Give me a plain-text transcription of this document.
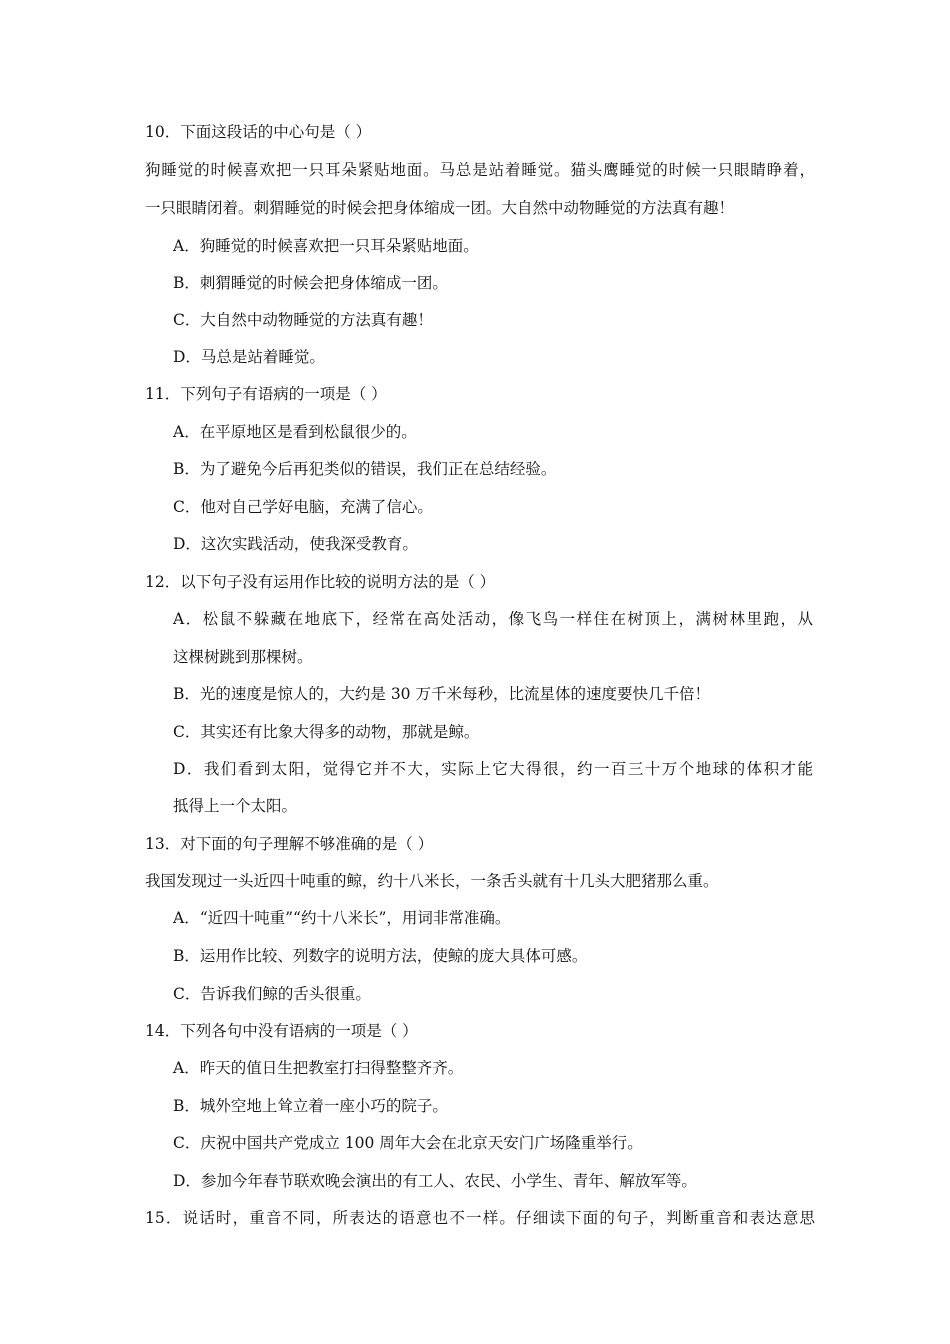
10．下面这段话的中心句是（ ）
狗睡觉的时候喜欢把一只耳朵紧贴地面。马总是站着睡觉。猫头鹰睡觉的时候一只眼睛睁着，
一只眼睛闭着。刺猬睡觉的时候会把身体缩成一团。大自然中动物睡觉的方法真有趣！
A．狗睡觉的时候喜欢把一只耳朵紧贴地面。
B．刺猬睡觉的时候会把身体缩成一团。
C．大自然中动物睡觉的方法真有趣！
D．马总是站着睡觉。
11．下列句子有语病的一项是（ ）
A．在平原地区是看到松鼠很少的。
B．为了避免今后再犯类似的错误，我们正在总结经验。
C．他对自己学好电脑，充满了信心。
D．这次实践活动，使我深受教育。
12．以下句子没有运用作比较的说明方法的是（ ）
A．松鼠不躲藏在地底下，经常在高处活动，像飞鸟一样住在树顶上，满树林里跑，从
这棵树跳到那棵树。
B．光的速度是惊人的，大约是 30 万千米每秒，比流星体的速度要快几千倍！
C．其实还有比象大得多的动物，那就是鲸。
D．我们看到太阳，觉得它并不大，实际上它大得很，约一百三十万个地球的体积才能
抵得上一个太阳。
13．对下面的句子理解不够准确的是（ ）
我国发现过一头近四十吨重的鲸，约十八米长，一条舌头就有十几头大肥猪那么重。
A．“近四十吨重”“约十八米长”，用词非常准确。
B．运用作比较、列数字的说明方法，使鲸的庞大具体可感。
C．告诉我们鲸的舌头很重。
14．下列各句中没有语病的一项是（ ）
A．昨天的值日生把教室打扫得整整齐齐。
B．城外空地上耸立着一座小巧的院子。
C．庆祝中国共产党成立 100 周年大会在北京天安门广场隆重举行。
D．参加今年春节联欢晚会演出的有工人、农民、小学生、青年、解放军等。
15．说话时，重音不同，所表达的语意也不一样。仔细读下面的句子，判断重音和表达意思
